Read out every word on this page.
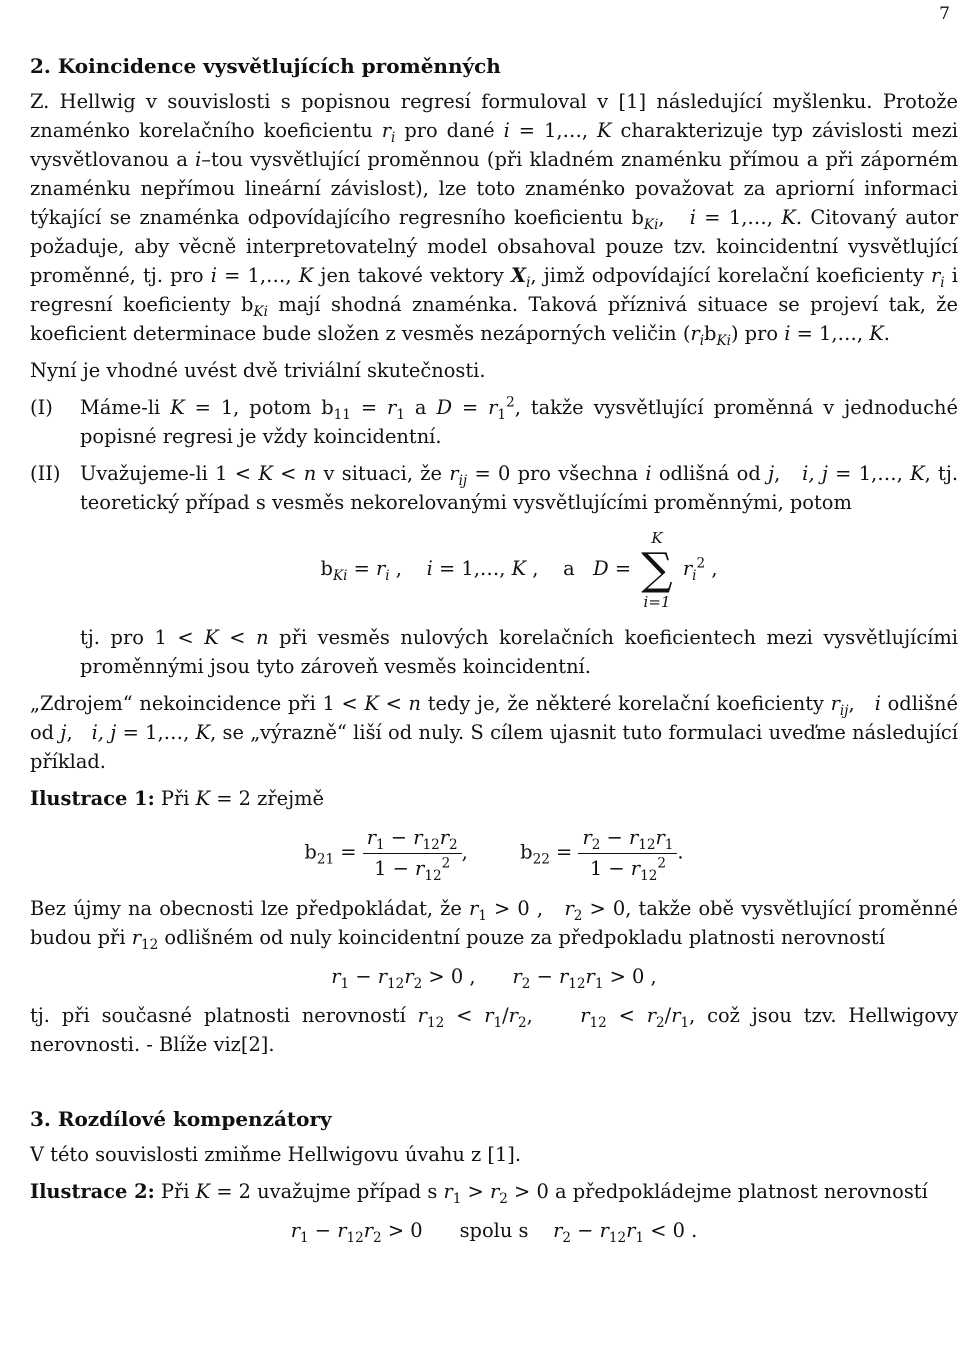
7
2. Koincidence vysvětlujících proměnných

Z. Hellwig v souvislosti s popisnou regresí formuloval v [1] následující myšlenku. Protože znaménko korelačního koeficientu $r_i$ pro dané i = 1,…, K charakterizuje typ závislosti mezi vysvětlovanou a i–tou vysvětlující proměnnou (při kladném znaménku přímou a při záporném znaménku nepřímou lineární závislost), lze toto znaménko považovat za apriorní informaci týkající se znaménka odpovídajícího regresního koeficientu $b_{Ki}$,   i = 1,…, K. Citovaný autor požaduje, aby věcně interpretovatelný model obsahoval pouze tzv. koincidentní vysvětlující proměnné, tj. pro i = 1,…, K jen takové vektory $X_i$, jimž odpovídající korelační koeficienty $r_i$ i regresní koeficienty $b_{Ki}$ mají shodná znaménka. Taková příznivá situace se projeví tak, že koeficient determinace bude složen z vesměs nezáporných veličin $(r_ib_{Ki})$ pro i = 1,…, K.

Nyní je vhodné uvést dvě triviální skutečnosti.

(I)	Máme-li K = 1, potom $b_{11} = r_1$ a $D = r_1^2$, takže vysvětlující proměnná v jednoduché popisné regresi je vždy koincidentní.
(II)	Uvažujeme-li 1 < K < n v situaci, že $r_{ij} = 0$ pro všechna i odlišná od j,   i, j = 1,…, K, tj. teoretický případ s vesměs nekorelovanými vysvětlujícími proměnnými, potom
$b_{Ki} = r_i$ ,    i = 1,…, K ,    a   D =
K
∑
i=1
$r_i^2$ ,
tj. pro 1 < K < n při vesměs nulových korelačních koeficientech mezi vysvětlujícími proměnnými jsou tyto zároveň vesměs koincidentní.

„Zdrojem“ nekoincidence při 1 < K < n tedy je, že některé korelační koeficienty $r_{ij}$,   i odlišné od j,   i, j = 1,…, K, se „výrazně“ liší od nuly. S cílem ujasnit tuto formulaci uveďme následující příklad.

Ilustrace 1: Při K = 2 zřejmě

$b_{21} = \frac{r_1 - r_{12}r_2}{1 - r_{12}^2}$ ,  $b_{22} = \frac{r_2 - r_{12}r_1}{1 - r_{12}^2}$ .

Bez újmy na obecnosti lze předpokládat, že $r_1 > 0$ ,   $r_2 > 0$, takže obě vysvětlující proměnné budou při $r_{12}$ odlišném od nuly koincidentní pouze za předpokladu platnosti nerovností

$r_1 - r_{12}r_2 > 0$ ,      $r_2 - r_{12}r_1 > 0$ ,

tj. při současné platnosti nerovností $r_{12} < r_1/r_2$,    $r_{12} < r_2/r_1$, což jsou tzv. Hellwigovy nerovnosti. - Blíže viz[2].

3. Rozdílové kompenzátory

V této souvislosti zmiňme Hellwigovu úvahu z [1].

Ilustrace 2: Při K = 2 uvažujme případ s $r_1 > r_2 > 0$ a předpokládejme platnost nerovností

$r_1 - r_{12}r_2 > 0$      spolu s $r_2 - r_{12}r_1 < 0$ .
